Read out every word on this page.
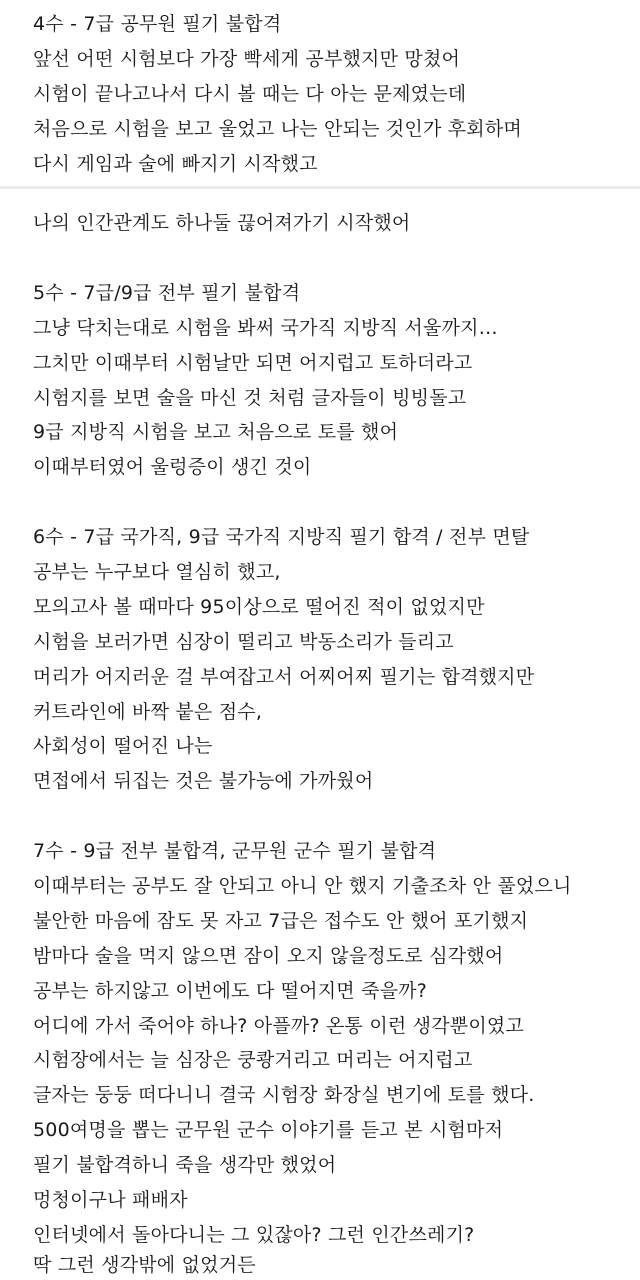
4수 - 7급 공무원 필기 불합격
앞선 어떤 시험보다 가장 빡세게 공부했지만 망쳤어
시험이 끝나고나서 다시 볼 때는 다 아는 문제였는데
처음으로 시험을 보고 울었고 나는 안되는 것인가 후회하며
다시 게임과 술에 빠지기 시작했고
나의 인간관계도 하나둘 끊어져가기 시작했어
5수 - 7급/9급 전부 필기 불합격
그냥 닥치는대로 시험을 봐써 국가직 지방직 서울까지…
그치만 이때부터 시험날만 되면 어지럽고 토하더라고
시험지를 보면 술을 마신 것 처럼 글자들이 빙빙돌고
9급 지방직 시험을 보고 처음으로 토를 했어
이때부터였어 울렁증이 생긴 것이
6수 - 7급 국가직, 9급 국가직 지방직 필기 합격 / 전부 면탈
공부는 누구보다 열심히 했고,
모의고사 볼 때마다 95이상으로 떨어진 적이 없었지만
시험을 보러가면 심장이 떨리고 박동소리가 들리고
머리가 어지러운 걸 부여잡고서 어찌어찌 필기는 합격했지만
커트라인에 바짝 붙은 점수,
사회성이 떨어진 나는
면접에서 뒤집는 것은 불가능에 가까웠어
7수 - 9급 전부 불합격, 군무원 군수 필기 불합격
이때부터는 공부도 잘 안되고 아니 안 했지 기출조차 안 풀었으니
불안한 마음에 잠도 못 자고 7급은 접수도 안 했어 포기했지
밤마다 술을 먹지 않으면 잠이 오지 않을정도로 심각했어
공부는 하지않고 이번에도 다 떨어지면 죽을까?
어디에 가서 죽어야 하나? 아플까? 온통 이런 생각뿐이였고
시험장에서는 늘 심장은 쿵쾅거리고 머리는 어지럽고
글자는 둥둥 떠다니니 결국 시험장 화장실 변기에 토를 했다.
500여명을 뽑는 군무원 군수 이야기를 듣고 본 시험마저
필기 불합격하니 죽을 생각만 했었어
멍청이구나 패배자
인터넷에서 돌아다니는 그 있잖아? 그런 인간쓰레기?
딱 그런 생각밖에 없었거든
